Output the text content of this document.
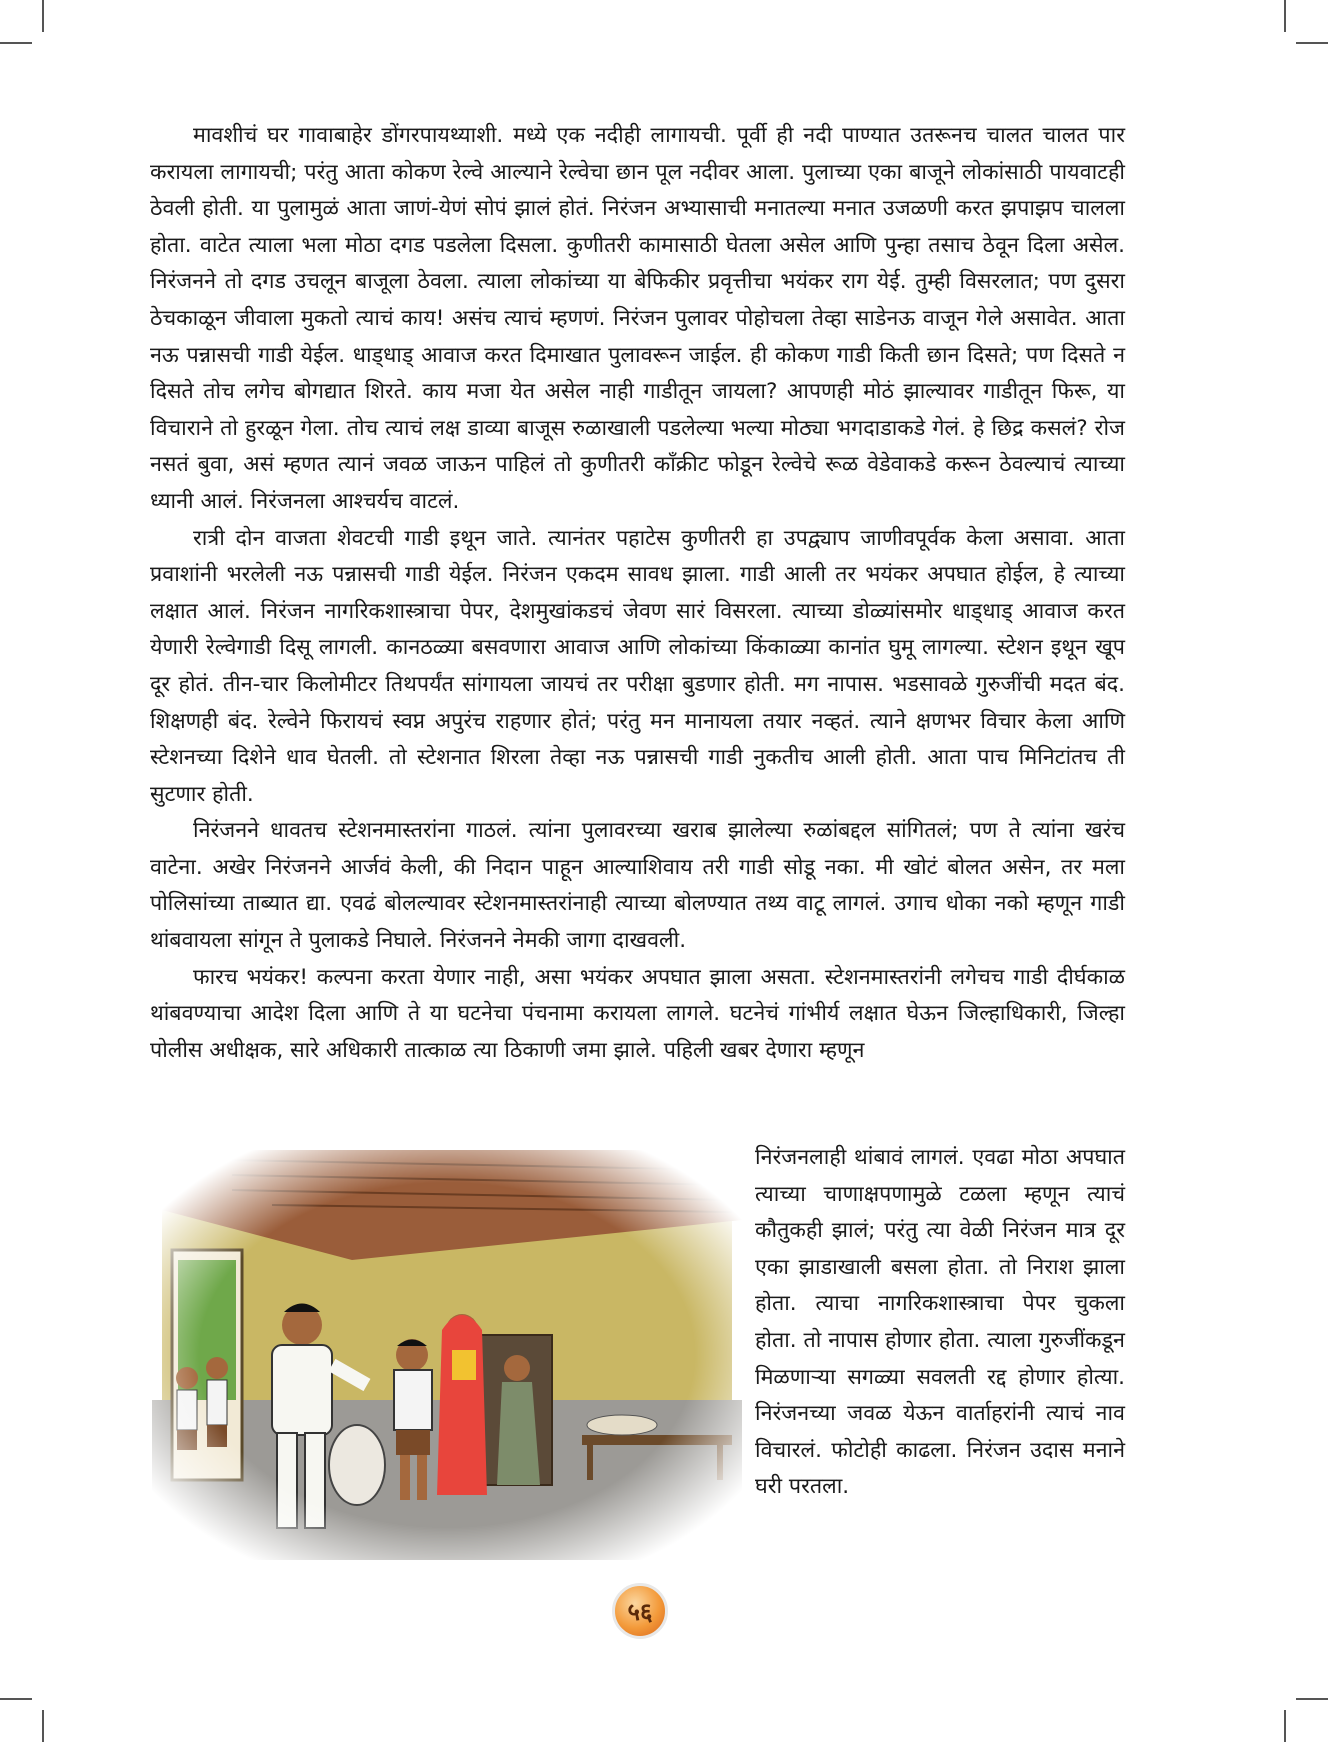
मावशीचं घर गावाबाहेर डोंगरपायथ्याशी. मध्ये एक नदीही लागायची. पूर्वी ही नदी पाण्यात उतरूनच चालत चालत पार करायला लागायची; परंतु आता कोकण रेल्वे आल्याने रेल्वेचा छान पूल नदीवर आला. पुलाच्या एका बाजूने लोकांसाठी पायवाटही ठेवली होती. या पुलामुळं आता जाणं-येणं सोपं झालं होतं. निरंजन अभ्यासाची मनातल्या मनात उजळणी करत झपाझप चालला होता. वाटेत त्याला भला मोठा दगड पडलेला दिसला. कुणीतरी कामासाठी घेतला असेल आणि पुन्हा तसाच ठेवून दिला असेल. निरंजनने तो दगड उचलून बाजूला ठेवला. त्याला लोकांच्या या बेफिकीर प्रवृत्तीचा भयंकर राग येई. तुम्ही विसरलात; पण दुसरा ठेचकाळून जीवाला मुकतो त्याचं काय! असंच त्याचं म्हणणं. निरंजन पुलावर पोहोचला तेव्हा साडेनऊ वाजून गेले असावेत. आता नऊ पन्नासची गाडी येईल. धाड्धाड् आवाज करत दिमाखात पुलावरून जाईल. ही कोकण गाडी किती छान दिसते; पण दिसते न दिसते तोच लगेच बोगद्यात शिरते. काय मजा येत असेल नाही गाडीतून जायला? आपणही मोठं झाल्यावर गाडीतून फिरू, या विचाराने तो हुरळून गेला. तोच त्याचं लक्ष डाव्या बाजूस रुळाखाली पडलेल्या भल्या मोठ्या भगदाडाकडे गेलं. हे छिद्र कसलं? रोज नसतं बुवा, असं म्हणत त्यानं जवळ जाऊन पाहिलं तो कुणीतरी काँक्रीट फोडून रेल्वेचे रूळ वेडेवाकडे करून ठेवल्याचं त्याच्या ध्यानी आलं. निरंजनला आश्चर्यच वाटलं.

रात्री दोन वाजता शेवटची गाडी इथून जाते. त्यानंतर पहाटेस कुणीतरी हा उपद्व्याप जाणीवपूर्वक केला असावा. आता प्रवाशांनी भरलेली नऊ पन्नासची गाडी येईल. निरंजन एकदम सावध झाला. गाडी आली तर भयंकर अपघात होईल, हे त्याच्या लक्षात आलं. निरंजन नागरिकशास्त्राचा पेपर, देशमुखांकडचं जेवण सारं विसरला. त्याच्या डोळ्यांसमोर धाड्धाड् आवाज करत येणारी रेल्वेगाडी दिसू लागली. कानठळ्या बसवणारा आवाज आणि लोकांच्या किंकाळ्या कानांत घुमू लागल्या. स्टेशन इथून खूप दूर होतं. तीन-चार किलोमीटर तिथपर्यंत सांगायला जायचं तर परीक्षा बुडणार होती. मग नापास. भडसावळे गुरुजींची मदत बंद. शिक्षणही बंद. रेल्वेने फिरायचं स्वप्न अपुरंच राहणार होतं; परंतु मन मानायला तयार नव्हतं. त्याने क्षणभर विचार केला आणि स्टेशनच्या दिशेने धाव घेतली. तो स्टेशनात शिरला तेव्हा नऊ पन्नासची गाडी नुकतीच आली होती. आता पाच मिनिटांतच ती सुटणार होती.

निरंजनने धावतच स्टेशनमास्तरांना गाठलं. त्यांना पुलावरच्या खराब झालेल्या रुळांबद्दल सांगितलं; पण ते त्यांना खरंच वाटेना. अखेर निरंजनने आर्जवं केली, की निदान पाहून आल्याशिवाय तरी गाडी सोडू नका. मी खोटं बोलत असेन, तर मला पोलिसांच्या ताब्यात द्या. एवढं बोलल्यावर स्टेशनमास्तरांनाही त्याच्या बोलण्यात तथ्य वाटू लागलं. उगाच धोका नको म्हणून गाडी थांबवायला सांगून ते पुलाकडे निघाले. निरंजनने नेमकी जागा दाखवली.

फारच भयंकर! कल्पना करता येणार नाही, असा भयंकर अपघात झाला असता. स्टेशनमास्तरांनी लगेचच गाडी दीर्घकाळ थांबवण्याचा आदेश दिला आणि ते या घटनेचा पंचनामा करायला लागले. घटनेचं गांभीर्य लक्षात घेऊन जिल्हाधिकारी, जिल्हा पोलीस अधीक्षक, सारे अधिकारी तात्काळ त्या ठिकाणी जमा झाले. पहिली खबर देणारा म्हणून

निरंजनलाही थांबावं लागलं. एवढा मोठा अपघात त्याच्या चाणाक्षपणामुळे टळला म्हणून त्याचं कौतुकही झालं; परंतु त्या वेळी निरंजन मात्र दूर एका झाडाखाली बसला होता. तो निराश झाला होता. त्याचा नागरिकशास्त्राचा पेपर चुकला होता. तो नापास होणार होता. त्याला गुरुजींकडून मिळणाऱ्या सगळ्या सवलती रद्द होणार होत्या. निरंजनच्या जवळ येऊन वार्ताहरांनी त्याचं नाव विचारलं. फोटोही काढला. निरंजन उदास मनाने घरी परतला.

५६
